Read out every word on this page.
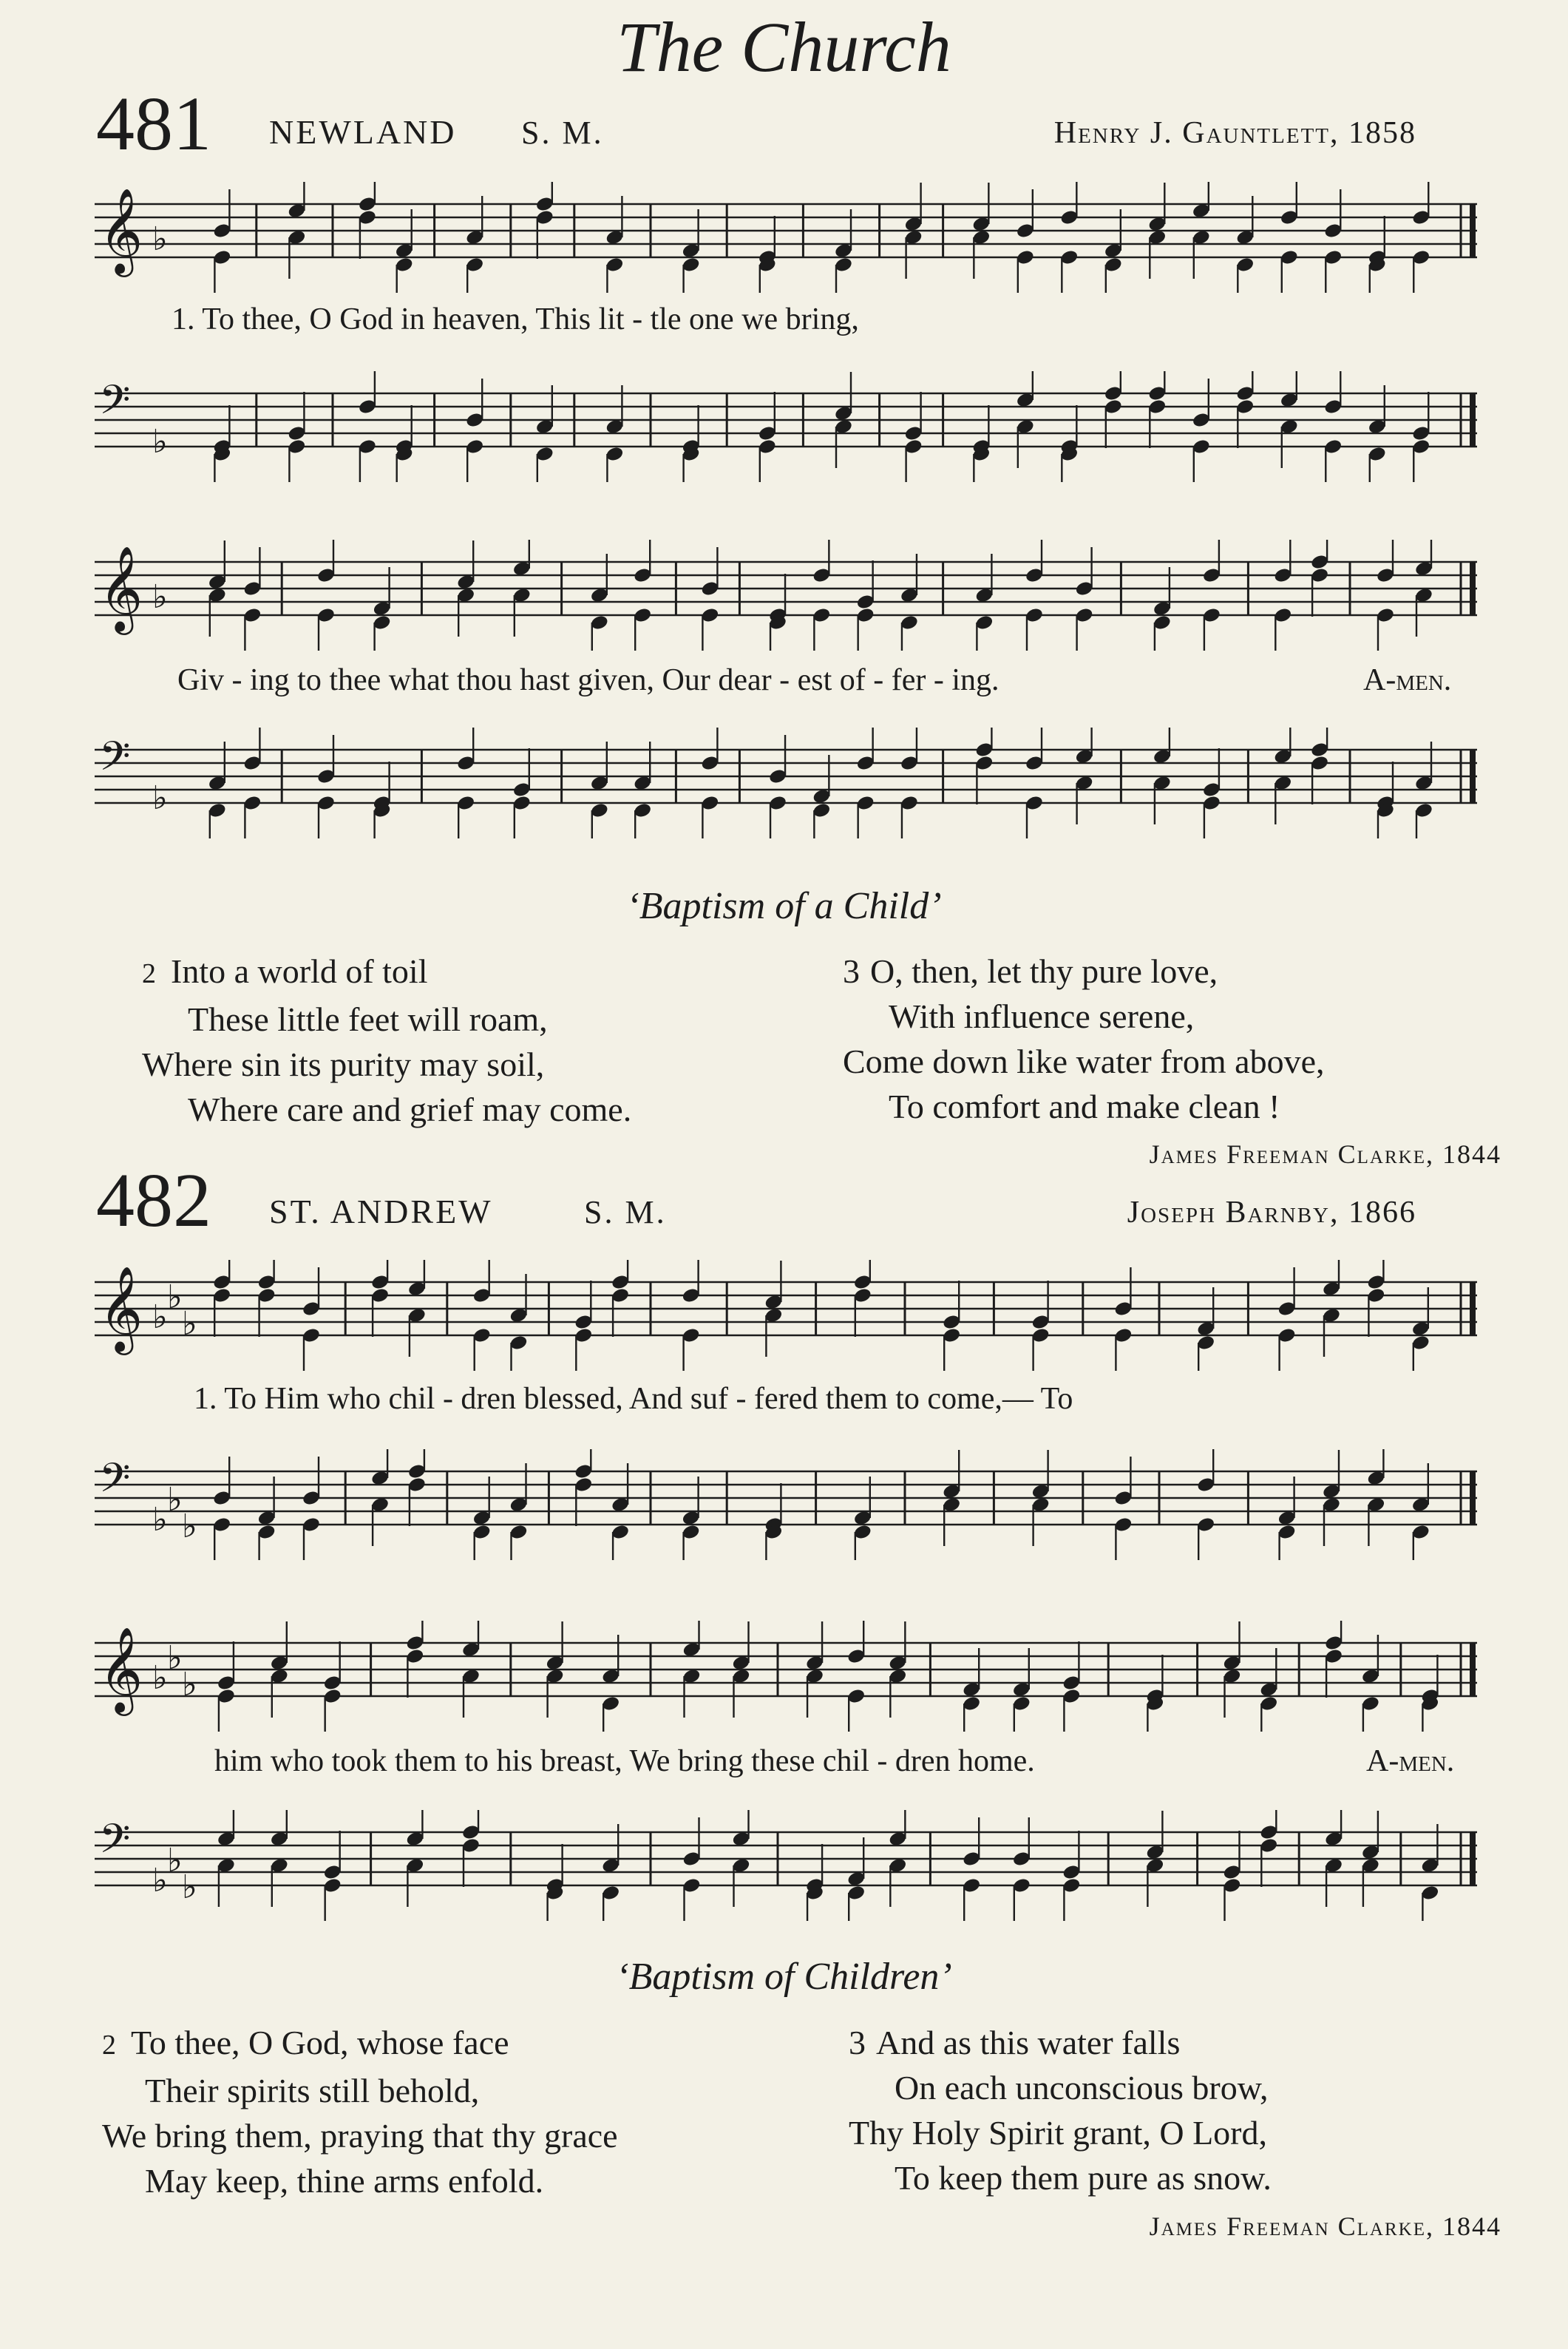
The Church
481 NEWLAND S. M.	Henry J. Gauntlett, 1858
𝄞 ♭
1. To thee, O God in heaven, This lit - tle one we bring,
𝄢
♭
𝄞 ♭
Giv - ing to thee what thou hast given, Our dear - est of - fer - ing.	A-men.
𝄢
♭
‘Baptism of a Child’
2 Into a world of toil
These little feet will roam,
Where sin its purity may soil,
Where care and grief may come.
3 O, then, let thy pure love,
With influence serene,
Come down like water from above,
To comfort and make clean !
James Freeman Clarke, 1844
482 ST. ANDREW	S. M.	Joseph Barnby, 1866
𝄞 ♭
♭
♭
1. To Him who chil - dren blessed, And suf - fered them to come,— To
𝄢
♭
♭
♭
𝄞 ♭
♭
♭
him who took them to his breast, We bring these chil - dren home.	A-men.
𝄢
♭
♭
♭
‘Baptism of Children’
2 To thee, O God, whose face
Their spirits still behold,
We bring them, praying that thy grace
May keep, thine arms enfold.
3 And as this water falls
On each unconscious brow,
Thy Holy Spirit grant, O Lord,
To keep them pure as snow.
James Freeman Clarke, 1844
